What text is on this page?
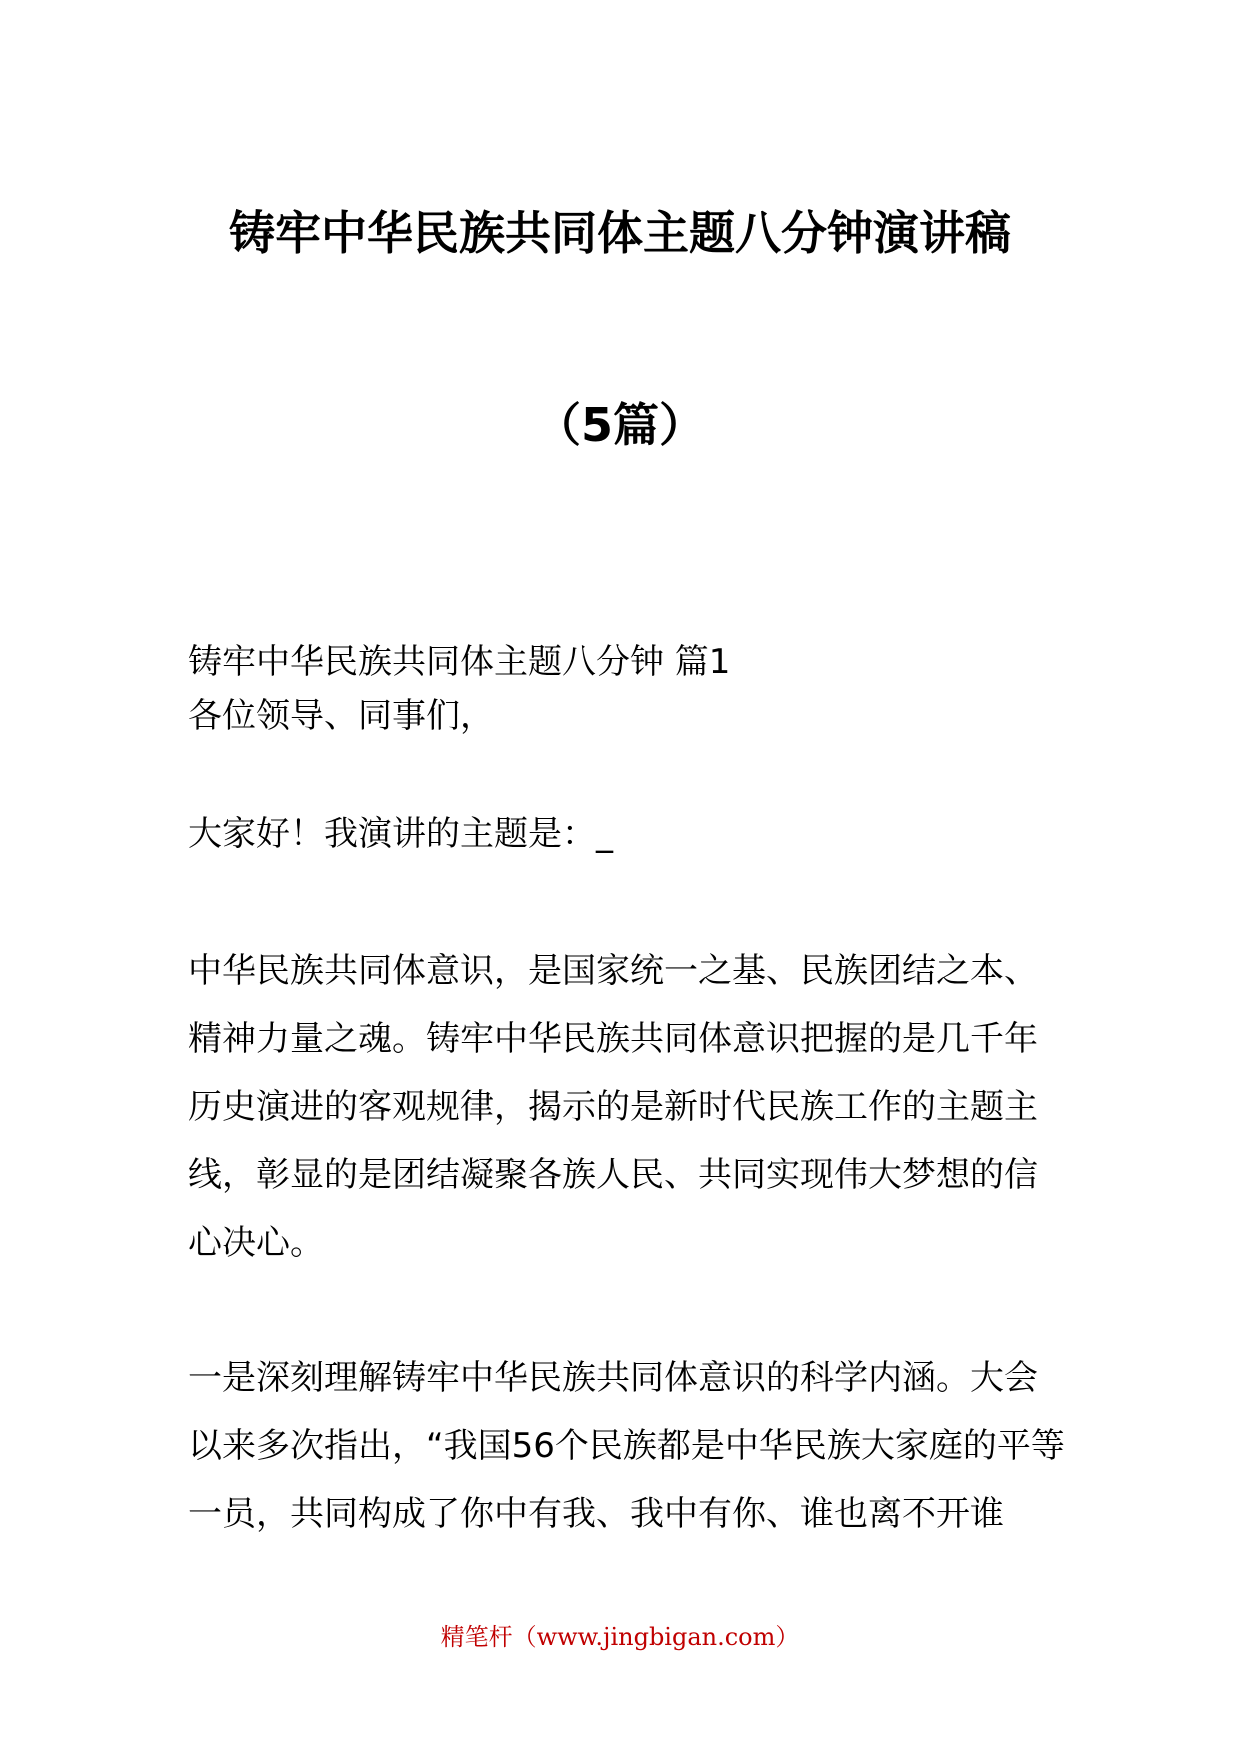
铸牢中华民族共同体主题八分钟演讲稿
（5篇）

铸牢中华民族共同体主题八分钟 篇1

各位领导、同事们，

大家好！我演讲的主题是：_

中华民族共同体意识，是国家统一之基、民族团结之本、精神力量之魂。铸牢中华民族共同体意识把握的是几千年历史演进的客观规律，揭示的是新时代民族工作的主题主线，彰显的是团结凝聚各族人民、共同实现伟大梦想的信心决心。

一是深刻理解铸牢中华民族共同体意识的科学内涵。大会以来多次指出，“我国56个民族都是中华民族大家庭的平等一员，共同构成了你中有我、我中有你、谁也离不开谁

精笔杆（www.jingbigan.com）
